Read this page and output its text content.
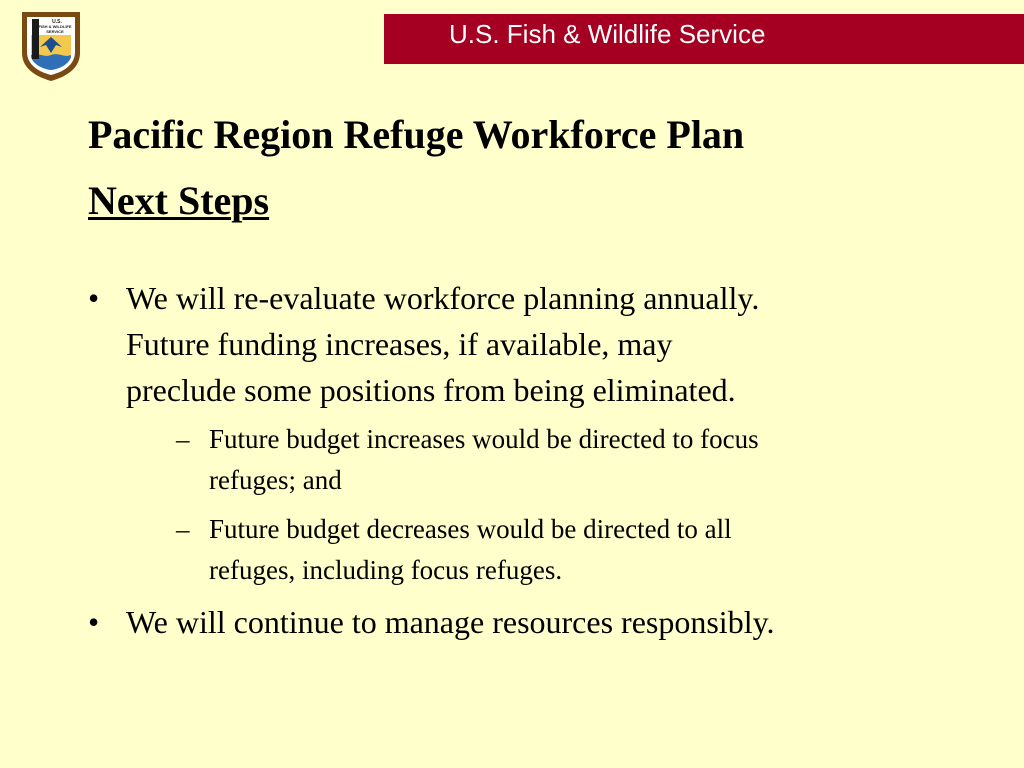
U.S.
FISH & WILDLIFE
SERVICE	U.S. Fish & Wildlife Service
Pacific Region Refuge Workforce Plan
Next Steps
• We will re-evaluate workforce planning annually.
Future funding increases, if available, may
preclude some positions from being eliminated.
– Future budget increases would be directed to focus
refuges; and
– Future budget decreases would be directed to all
refuges, including focus refuges.
• We will continue to manage resources responsibly.
